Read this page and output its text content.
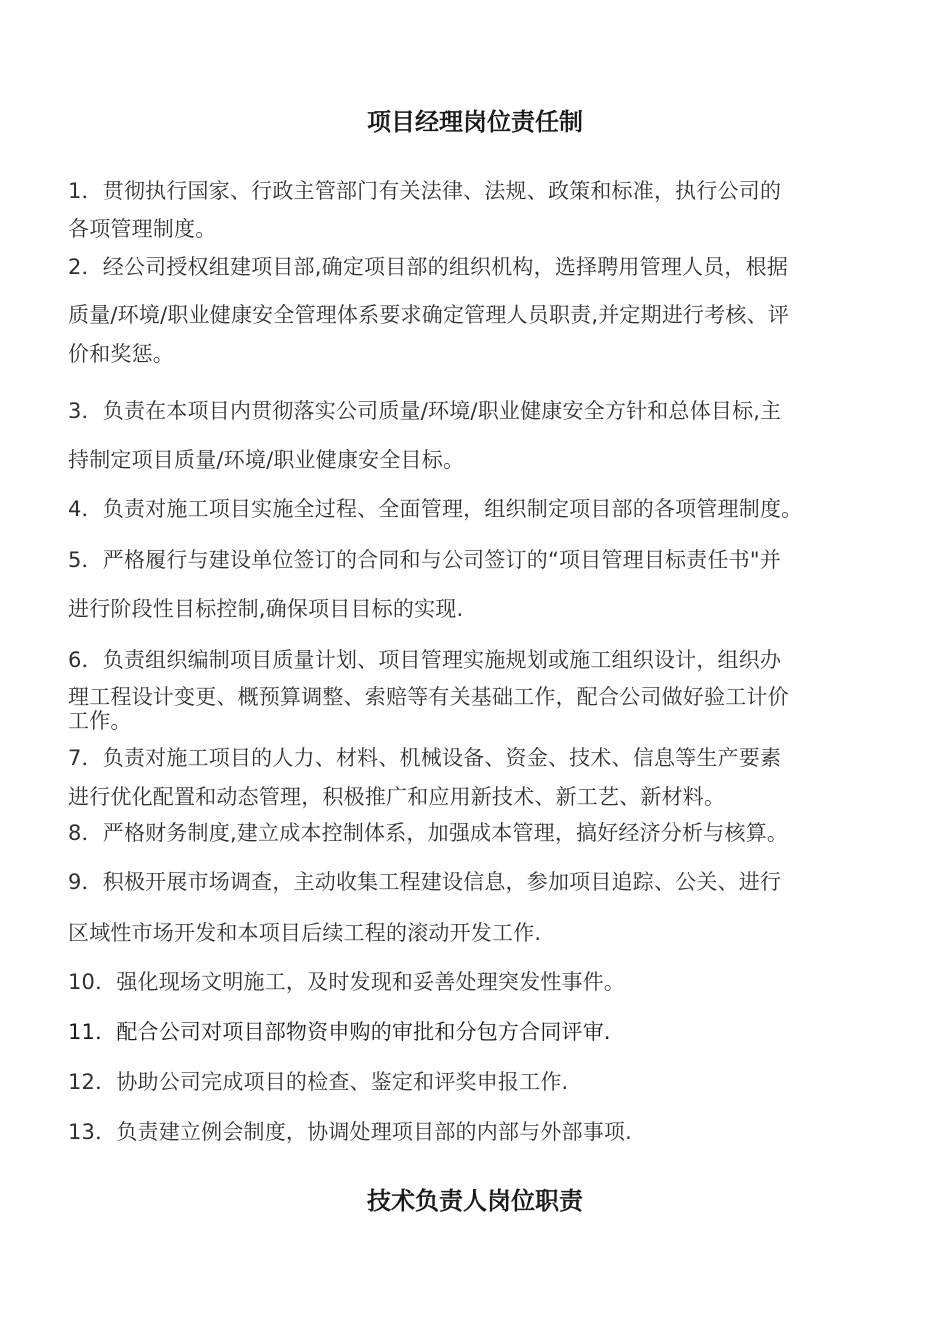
项目经理岗位责任制
1．贯彻执行国家、行政主管部门有关法律、法规、政策和标准，执行公司的
各项管理制度。
2．经公司授权组建项目部,确定项目部的组织机构，选择聘用管理人员，根据
质量/环境/职业健康安全管理体系要求确定管理人员职责,并定期进行考核、评
价和奖惩。
3．负责在本项目内贯彻落实公司质量/环境/职业健康安全方针和总体目标,主
持制定项目质量/环境/职业健康安全目标。
4．负责对施工项目实施全过程、全面管理，组织制定项目部的各项管理制度。
5．严格履行与建设单位签订的合同和与公司签订的“项目管理目标责任书"并
进行阶段性目标控制,确保项目目标的实现.
6．负责组织编制项目质量计划、项目管理实施规划或施工组织设计，组织办
理工程设计变更、概预算调整、索赔等有关基础工作，配合公司做好验工计价
工作。
7．负责对施工项目的人力、材料、机械设备、资金、技术、信息等生产要素
进行优化配置和动态管理，积极推广和应用新技术、新工艺、新材料。
8．严格财务制度,建立成本控制体系，加强成本管理，搞好经济分析与核算。
9．积极开展市场调查，主动收集工程建设信息，参加项目追踪、公关、进行
区域性市场开发和本项目后续工程的滚动开发工作.
10．强化现场文明施工，及时发现和妥善处理突发性事件。
11．配合公司对项目部物资申购的审批和分包方合同评审.
12．协助公司完成项目的检查、鉴定和评奖申报工作.
13．负责建立例会制度，协调处理项目部的内部与外部事项.
技术负责人岗位职责
